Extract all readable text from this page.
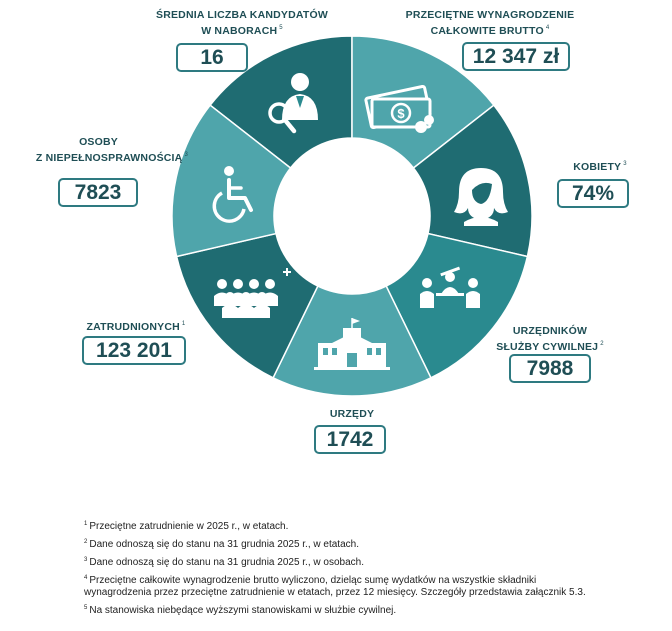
$
ŚREDNIA LICZBA KANDYDATÓW
W NABORACH $^5$
16
PRZECIĘTNE WYNAGRODZENIE
CAŁKOWITE BRUTTO $^4$
12 347 zł
KOBIETY $^3$
74%
URZĘDNIKÓW
SŁUŻBY CYWILNEJ $^2$
7988
URZĘDY
1742
ZATRUDNIONYCH $^1$
123 201
OSOBY
Z NIEPEŁNOSPRAWNOŚCIĄ $^3$
7823
$^1$ Przeciętne zatrudnienie w 2025 r., w etatach.
$^2$ Dane odnoszą się do stanu na 31 grudnia 2025 r., w etatach.
$^3$ Dane odnoszą się do stanu na 31 grudnia 2025 r., w osobach.
$^4$ Przeciętne całkowite wynagrodzenie brutto wyliczono, dzieląc sumę wydatków na wszystkie składniki wynagrodzenia przez przeciętne zatrudnienie w etatach, przez 12 miesięcy. Szczegóły przedstawia załącznik 5.3.
$^5$ Na stanowiska niebędące wyższymi stanowiskami w służbie cywilnej.
